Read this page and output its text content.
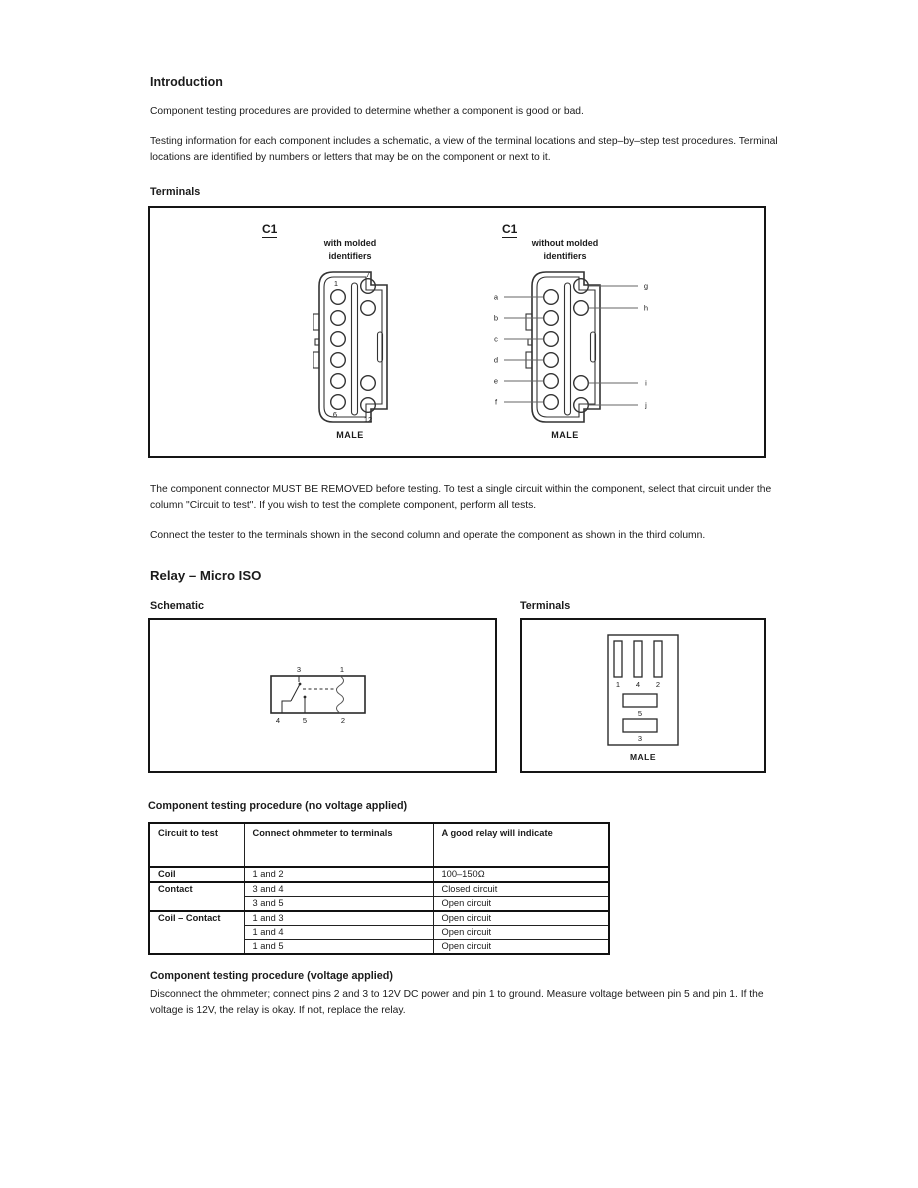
Introduction
Component testing procedures are provided to determine whether a component is good or bad.
Testing information for each component includes a schematic, a view of the terminal locations and step–by–step test procedures. Terminal locations are identified by numbers or letters that may be on the component or next to it.
Terminals
C1
with molded
identifiers
1
7
6
12
MALE
C1
without molded
identifiers
a
b
c
d
e
f
g
h
i
j
MALE
The component connector MUST BE REMOVED before testing. To test a single circuit within the component, select that circuit under the column "Circuit to test". If you wish to test the complete component, perform all tests.
Connect the tester to the terminals shown in the second column and operate the component as shown in the third column.
Relay – Micro ISO
Schematic	Terminals
3	1
4	5	2
1 4 2
5
3
MALE
Component testing procedure (no voltage applied)
Circuit to test	Connect ohmmeter to terminals	A good relay will indicate
Coil	1 and 2	100–150Ω
Contact	3 and 4	Closed circuit
	3 and 5	Open circuit
Coil – Contact	1 and 3	Open circuit
	1 and 4	Open circuit
	1 and 5	Open circuit
Component testing procedure (voltage applied)
Disconnect the ohmmeter; connect pins 2 and 3 to 12V DC power and pin 1 to ground. Measure voltage between pin 5 and pin 1. If the voltage is 12V, the relay is okay. If not, replace the relay.
